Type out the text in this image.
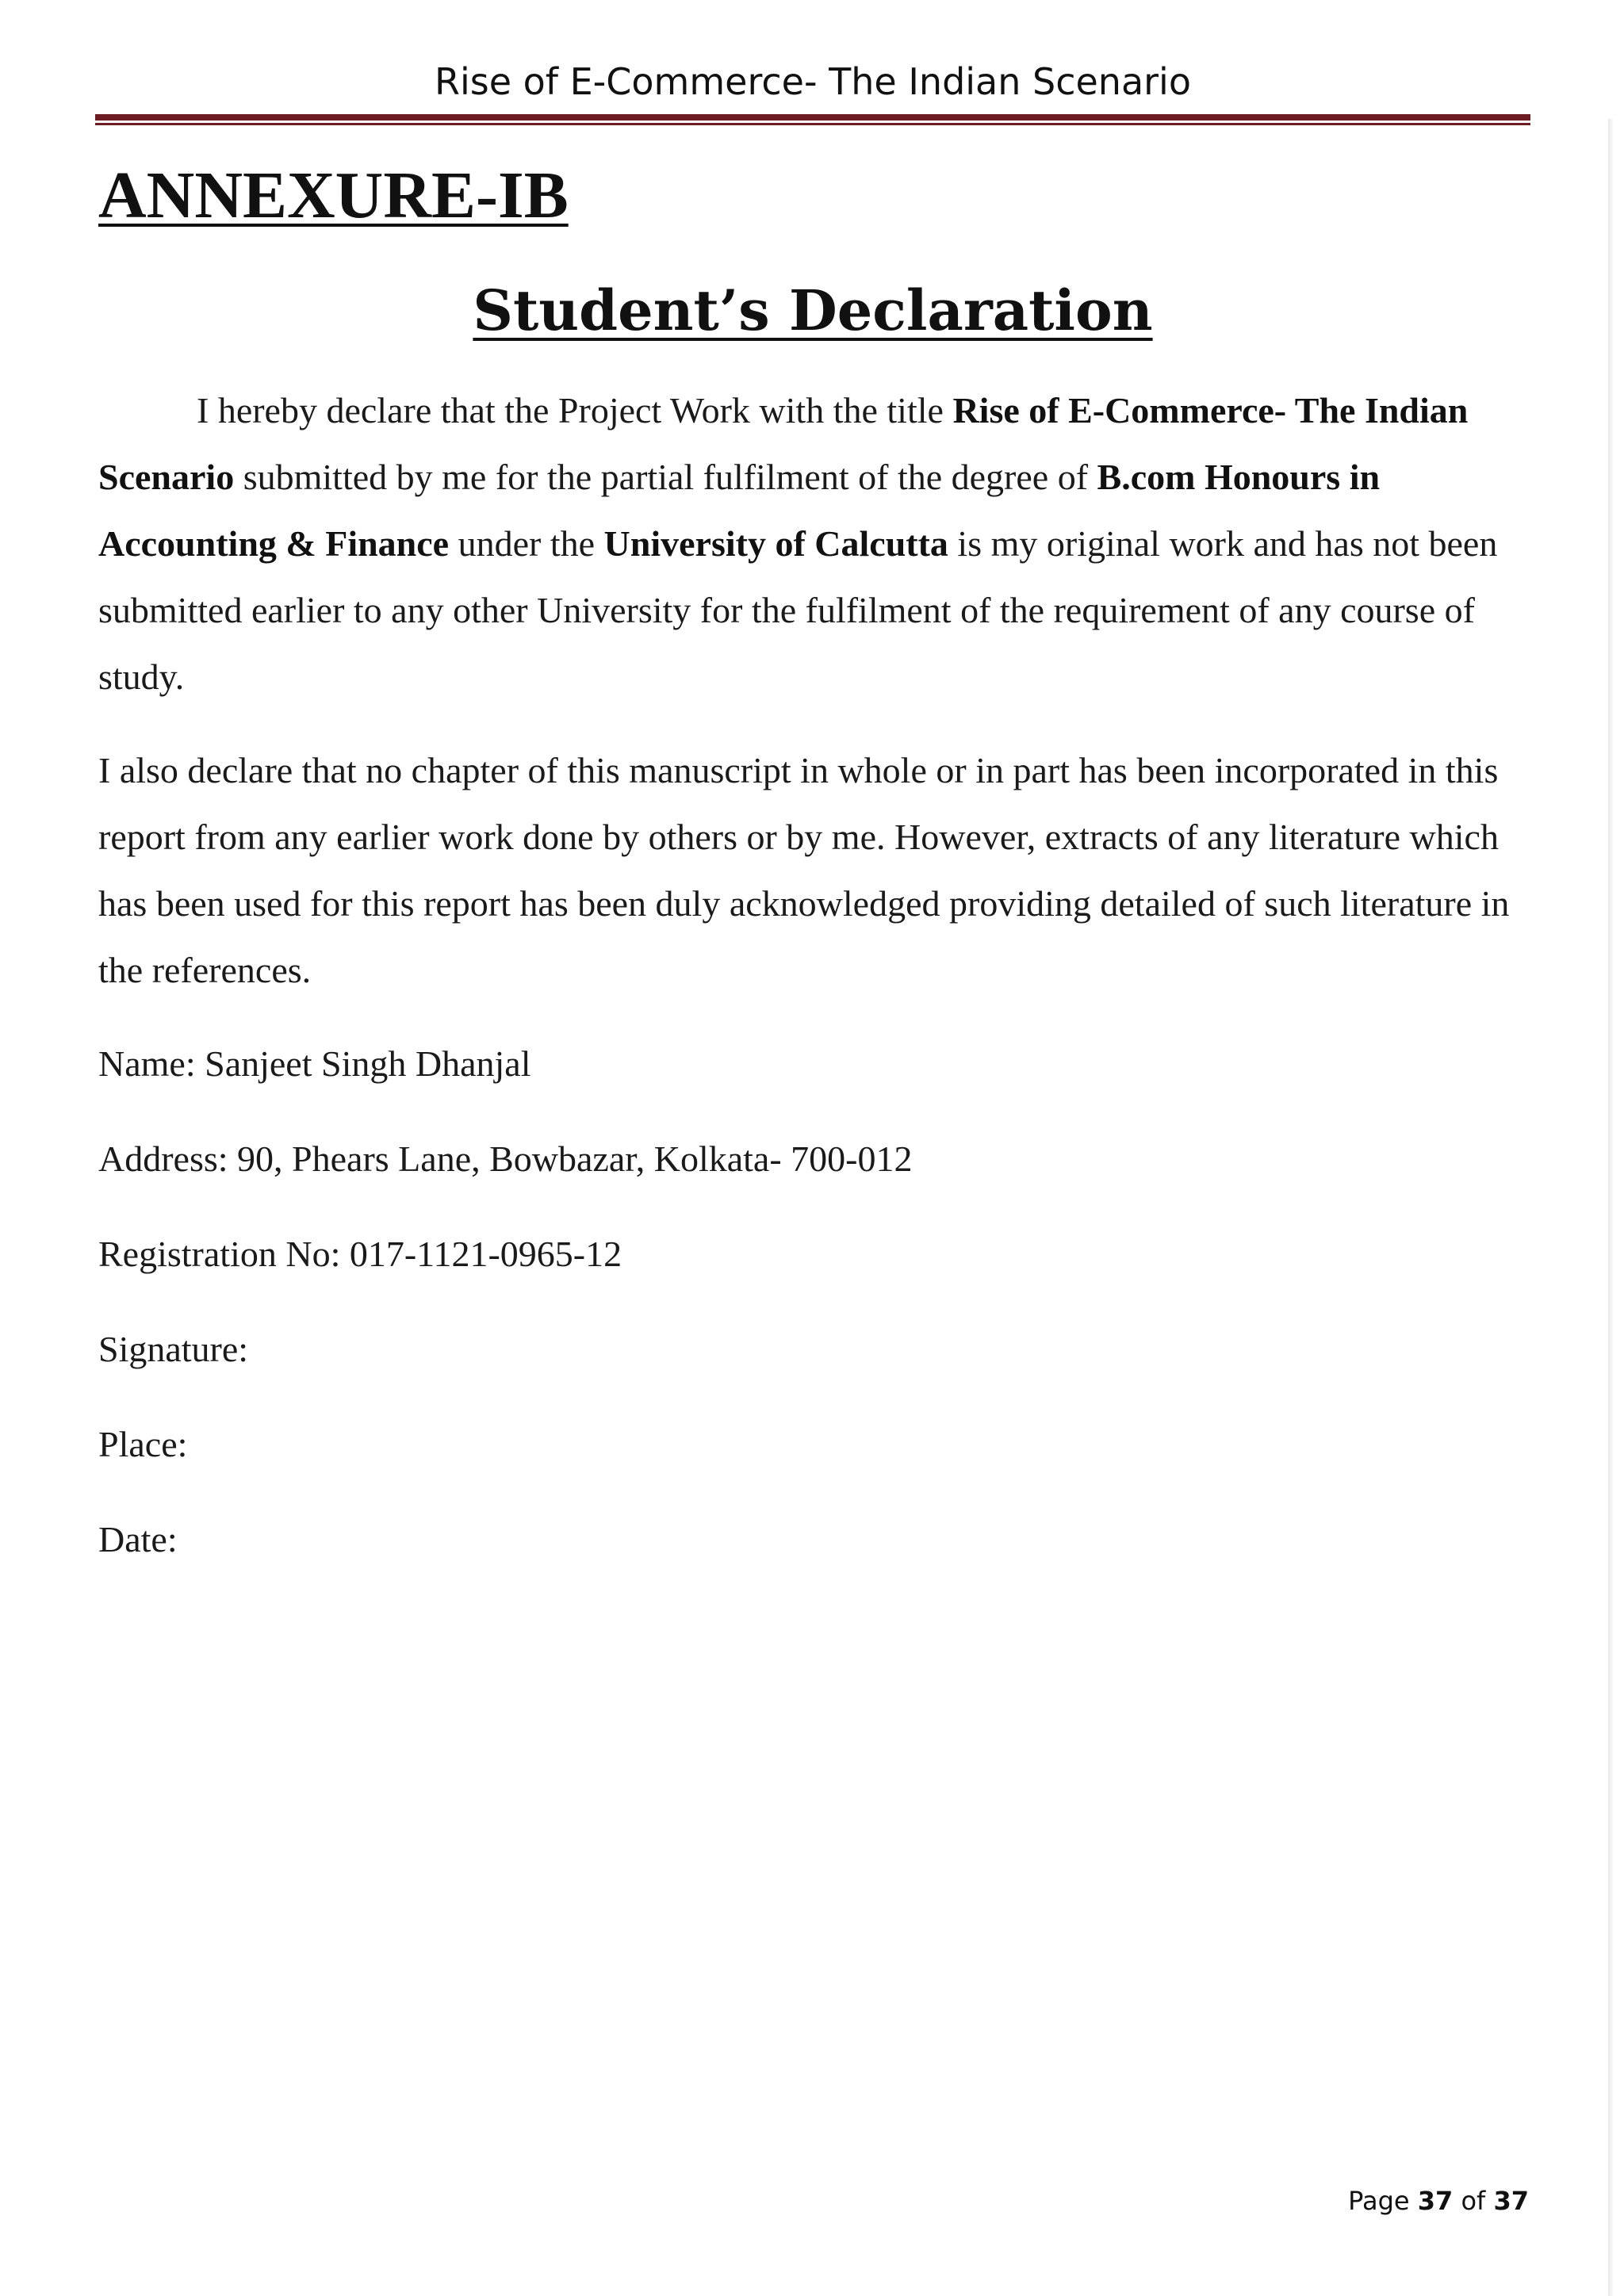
Rise of E-Commerce- The Indian Scenario
ANNEXURE-IB
Student’s Declaration

I hereby declare that the Project Work with the title Rise of E-Commerce- The Indian Scenario submitted by me for the partial fulfilment of the degree of B.com Honours in Accounting & Finance under the University of Calcutta is my original work and has not been submitted earlier to any other University for the fulfilment of the requirement of any course of study.

I also declare that no chapter of this manuscript in whole or in part has been incorporated in this report from any earlier work done by others or by me. However, extracts of any literature which has been used for this report has been duly acknowledged providing detailed of such literature in the references.

Name: Sanjeet Singh Dhanjal
Address: 90, Phears Lane, Bowbazar, Kolkata- 700-012
Registration No: 017-1121-0965-12
Signature:
Place:
Date:
Page 37 of 37
